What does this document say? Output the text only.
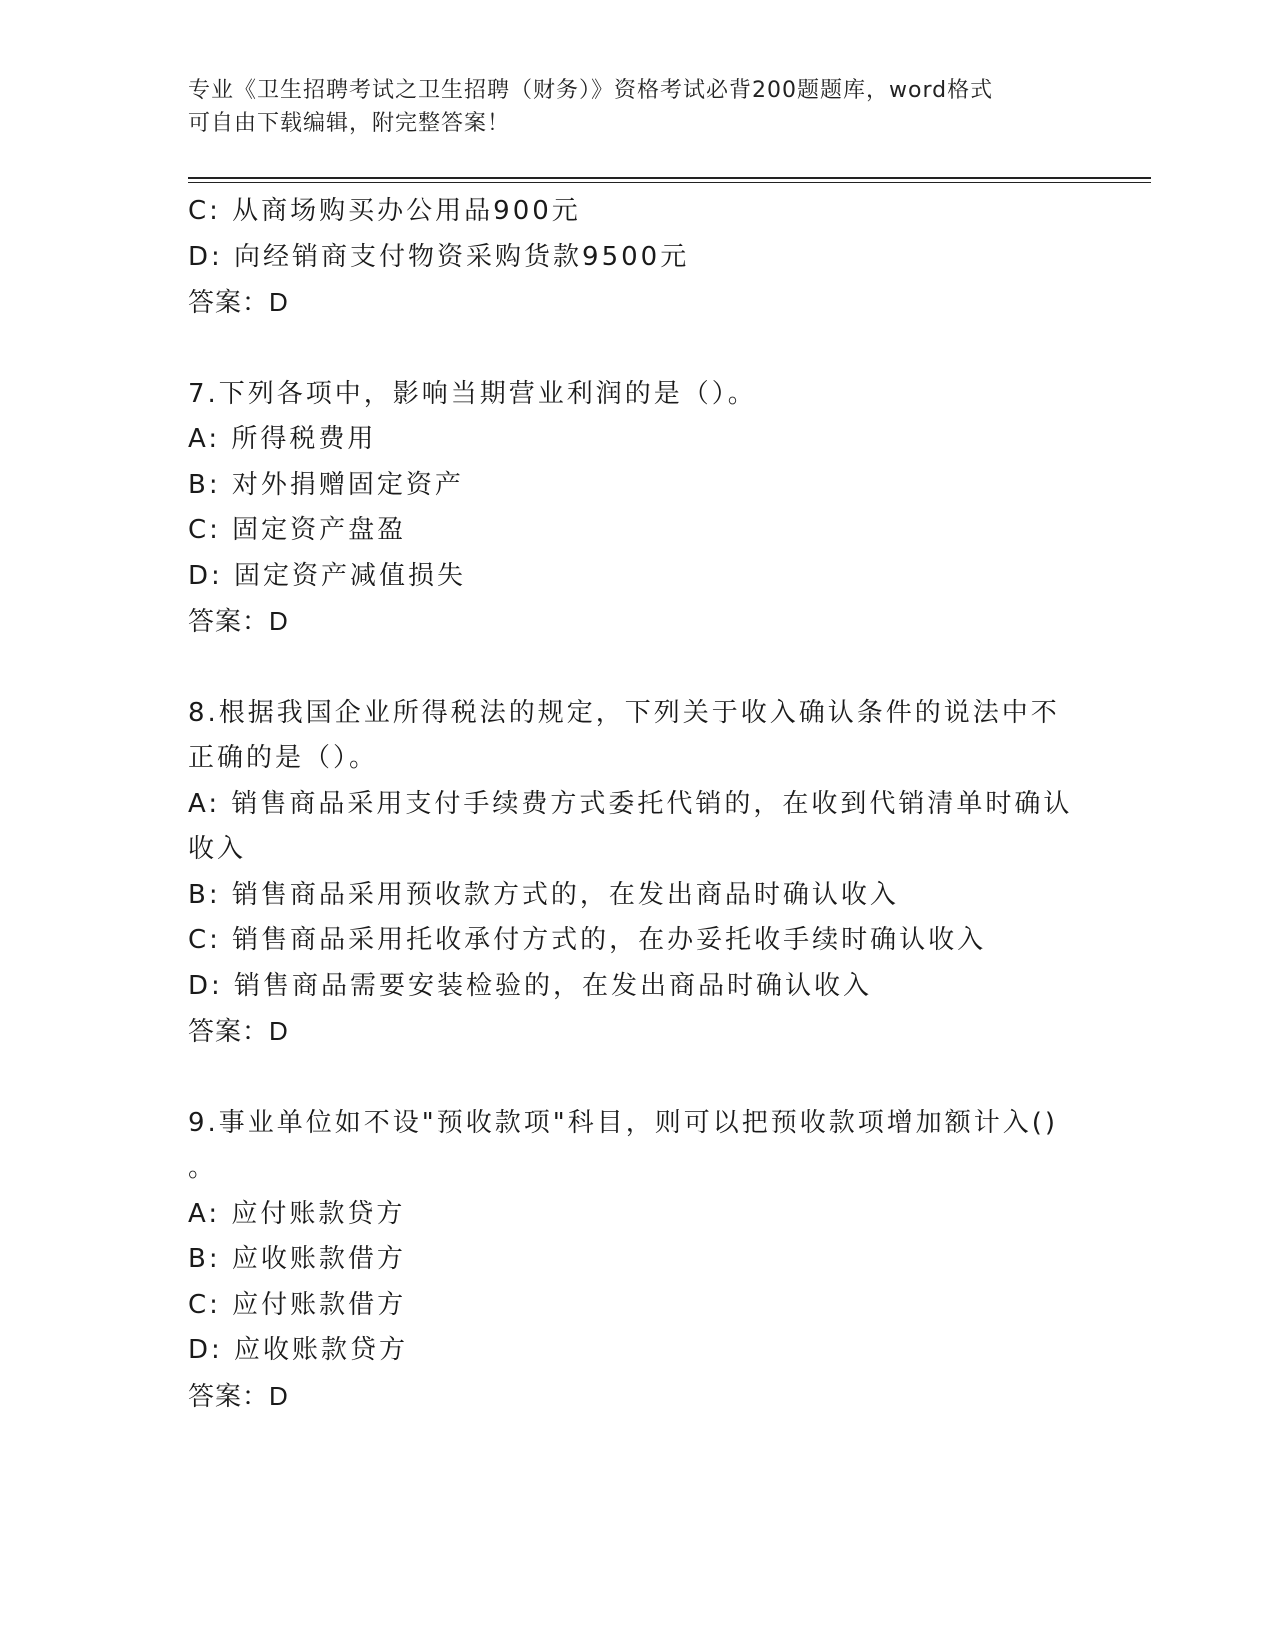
专业《卫生招聘考试之卫生招聘（财务）》资格考试必背200题题库，word格式
可自由下载编辑，附完整答案！
C: 从商场购买办公用品900元
D: 向经销商支付物资采购货款9500元
答案：D
7.下列各项中，影响当期营业利润的是（）。
A: 所得税费用
B: 对外捐赠固定资产
C: 固定资产盘盈
D: 固定资产减值损失
答案：D
8.根据我国企业所得税法的规定，下列关于收入确认条件的说法中不
正确的是（）。
A: 销售商品采用支付手续费方式委托代销的，在收到代销清单时确认
收入
B: 销售商品采用预收款方式的，在发出商品时确认收入
C: 销售商品采用托收承付方式的，在办妥托收手续时确认收入
D: 销售商品需要安装检验的，在发出商品时确认收入
答案：D
9.事业单位如不设"预收款项"科目，则可以把预收款项增加额计入()
。
A: 应付账款贷方
B: 应收账款借方
C: 应付账款借方
D: 应收账款贷方
答案：D
